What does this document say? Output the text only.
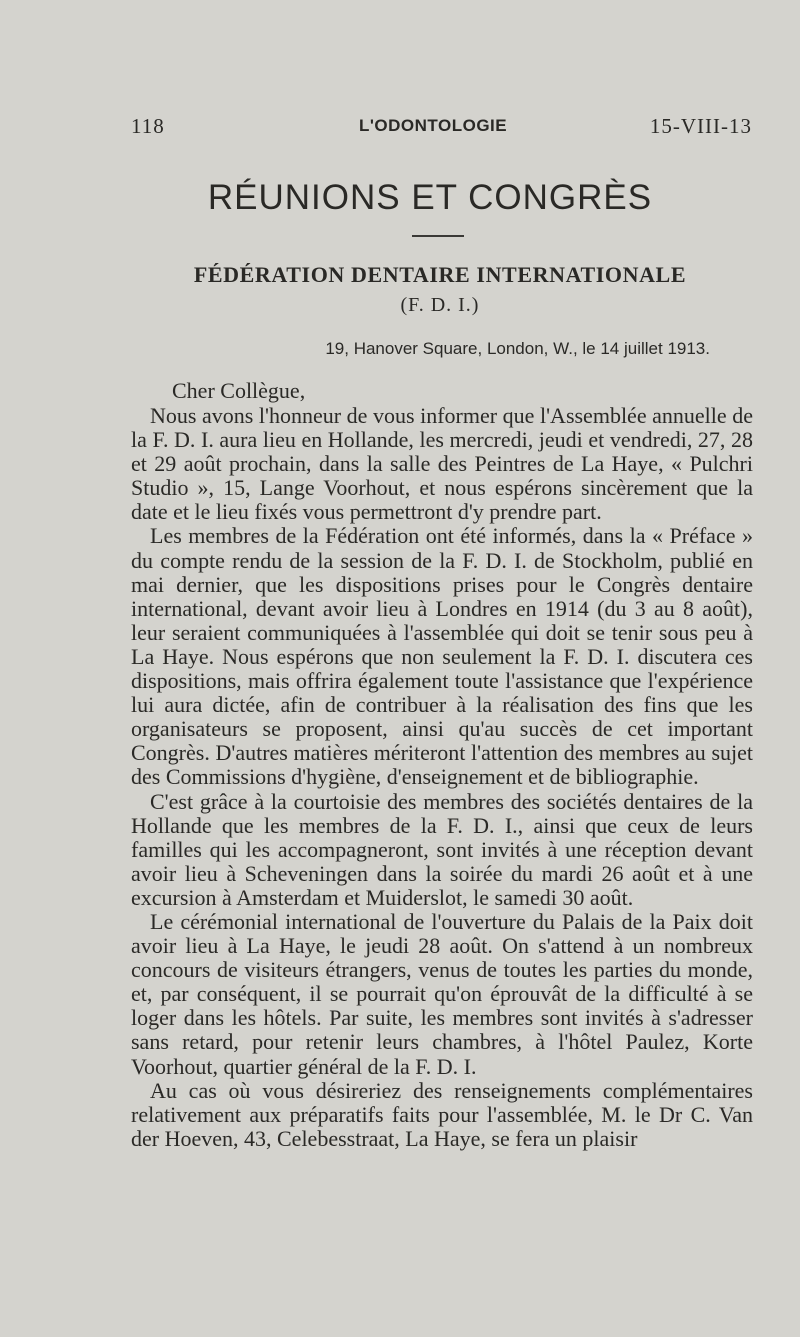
118	L'ODONTOLOGIE	15-VIII-13
RÉUNIONS ET CONGRÈS
FÉDÉRATION DENTAIRE INTERNATIONALE
(F. D. I.)
19, Hanover Square, London, W., le 14 juillet 1913.
Cher Collègue,

Nous avons l'honneur de vous informer que l'Assemblée annuelle de la F. D. I. aura lieu en Hollande, les mercredi, jeudi et vendredi, 27, 28 et 29 août prochain, dans la salle des Peintres de La Haye, « Pulchri Studio », 15, Lange Voorhout, et nous espérons sincèrement que la date et le lieu fixés vous permettront d'y prendre part.

Les membres de la Fédération ont été informés, dans la « Préface » du compte rendu de la session de la F. D. I. de Stockholm, publié en mai dernier, que les dispositions prises pour le Congrès dentaire international, devant avoir lieu à Londres en 1914 (du 3 au 8 août), leur seraient communiquées à l'assemblée qui doit se tenir sous peu à La Haye. Nous espérons que non seulement la F. D. I. discutera ces dispositions, mais offrira également toute l'assistance que l'expérience lui aura dictée, afin de contribuer à la réalisation des fins que les organisateurs se proposent, ainsi qu'au succès de cet important Congrès. D'autres matières mériteront l'attention des membres au sujet des Commissions d'hygiène, d'enseignement et de bibliographie.

C'est grâce à la courtoisie des membres des sociétés dentaires de la Hollande que les membres de la F. D. I., ainsi que ceux de leurs familles qui les accompagneront, sont invités à une réception devant avoir lieu à Scheveningen dans la soirée du mardi 26 août et à une excursion à Amsterdam et Muiderslot, le samedi 30 août.

Le cérémonial international de l'ouverture du Palais de la Paix doit avoir lieu à La Haye, le jeudi 28 août. On s'attend à un nombreux concours de visiteurs étrangers, venus de toutes les parties du monde, et, par conséquent, il se pourrait qu'on éprouvât de la difficulté à se loger dans les hôtels. Par suite, les membres sont invités à s'adresser sans retard, pour retenir leurs chambres, à l'hôtel Paulez, Korte Voorhout, quartier général de la F. D. I.

Au cas où vous désireriez des renseignements complémentaires relativement aux préparatifs faits pour l'assemblée, M. le Dr C. Van der Hoeven, 43, Celebesstraat, La Haye, se fera un plaisir
